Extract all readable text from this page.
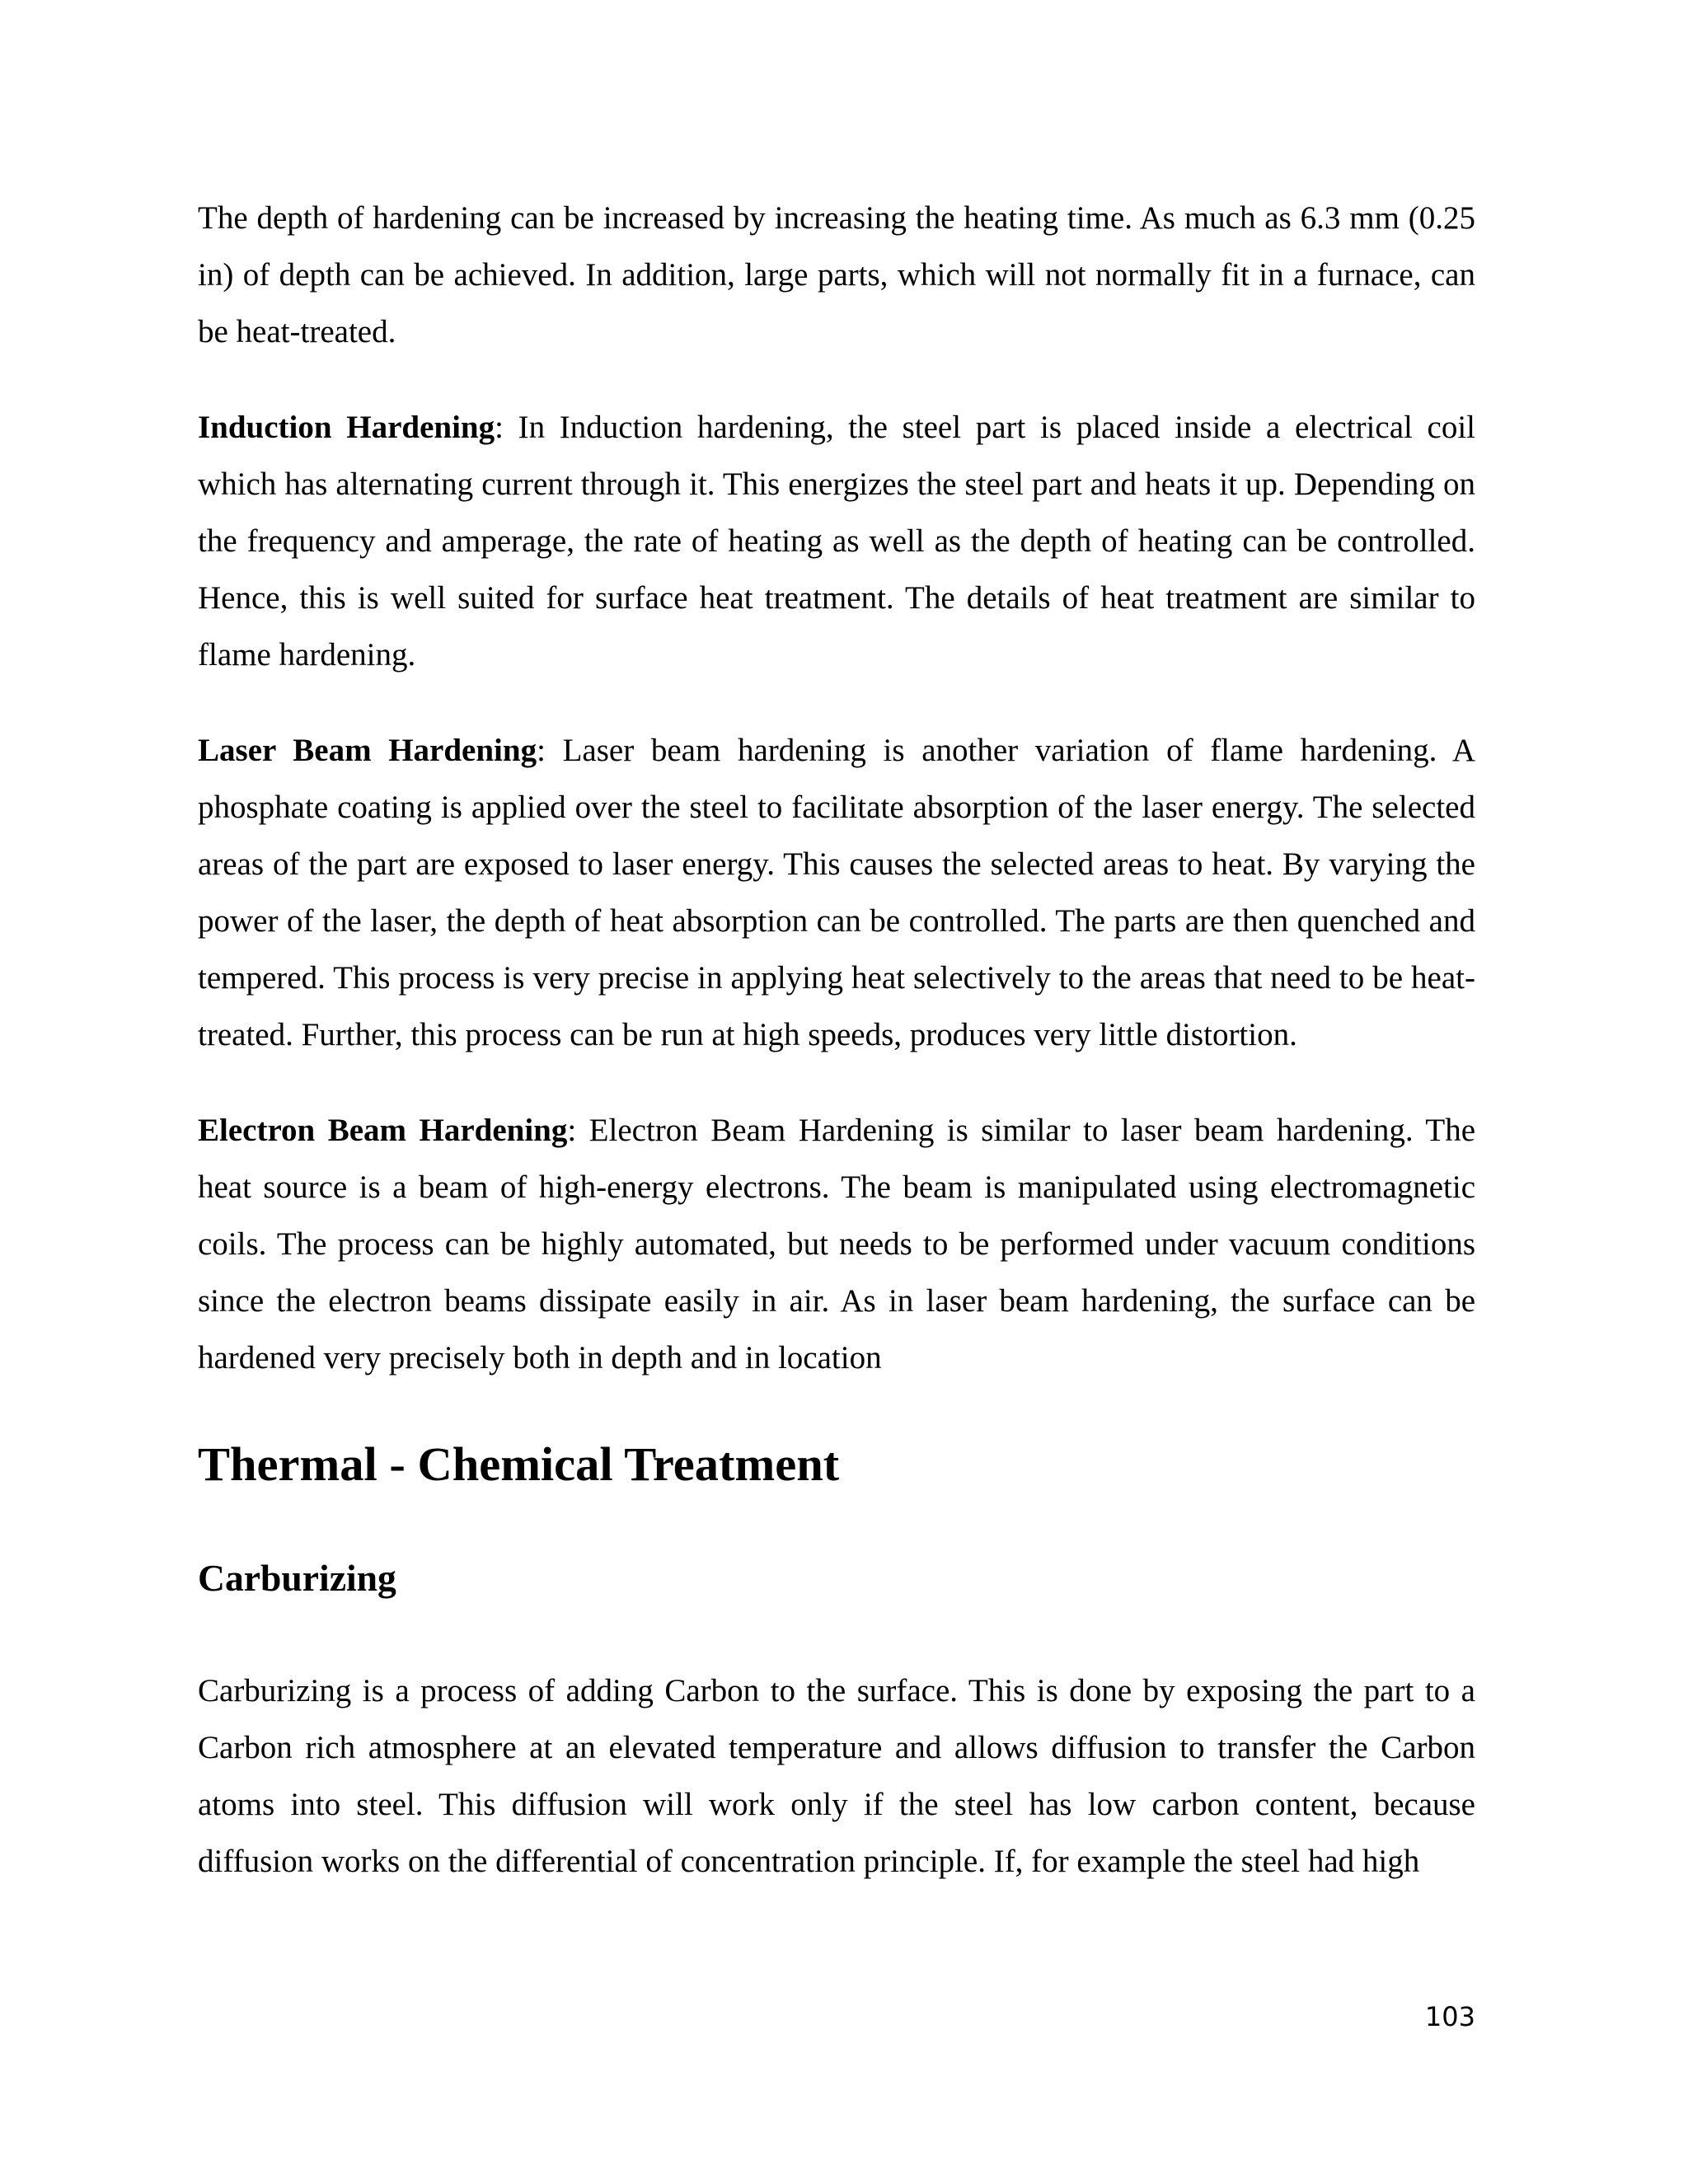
The depth of hardening can be increased by increasing the heating time. As much as 6.3 mm (0.25 in) of depth can be achieved. In addition, large parts, which will not normally fit in a furnace, can be heat-treated.

Induction Hardening: In Induction hardening, the steel part is placed inside a electrical coil which has alternating current through it. This energizes the steel part and heats it up. Depending on the frequency and amperage, the rate of heating as well as the depth of heating can be controlled. Hence, this is well suited for surface heat treatment. The details of heat treatment are similar to flame hardening.

Laser Beam Hardening: Laser beam hardening is another variation of flame hardening. A phosphate coating is applied over the steel to facilitate absorption of the laser energy. The selected areas of the part are exposed to laser energy. This causes the selected areas to heat. By varying the power of the laser, the depth of heat absorption can be controlled. The parts are then quenched and tempered. This process is very precise in applying heat selectively to the areas that need to be heat-treated. Further, this process can be run at high speeds, produces very little distortion.

Electron Beam Hardening: Electron Beam Hardening is similar to laser beam hardening. The heat source is a beam of high-energy electrons. The beam is manipulated using electromagnetic coils. The process can be highly automated, but needs to be performed under vacuum conditions since the electron beams dissipate easily in air. As in laser beam hardening, the surface can be hardened very precisely both in depth and in location

Thermal - Chemical Treatment
Carburizing

Carburizing is a process of adding Carbon to the surface. This is done by exposing the part to a Carbon rich atmosphere at an elevated temperature and allows diffusion to transfer the Carbon atoms into steel. This diffusion will work only if the steel has low carbon content, because diffusion works on the differential of concentration principle. If, for example the steel had high

103
